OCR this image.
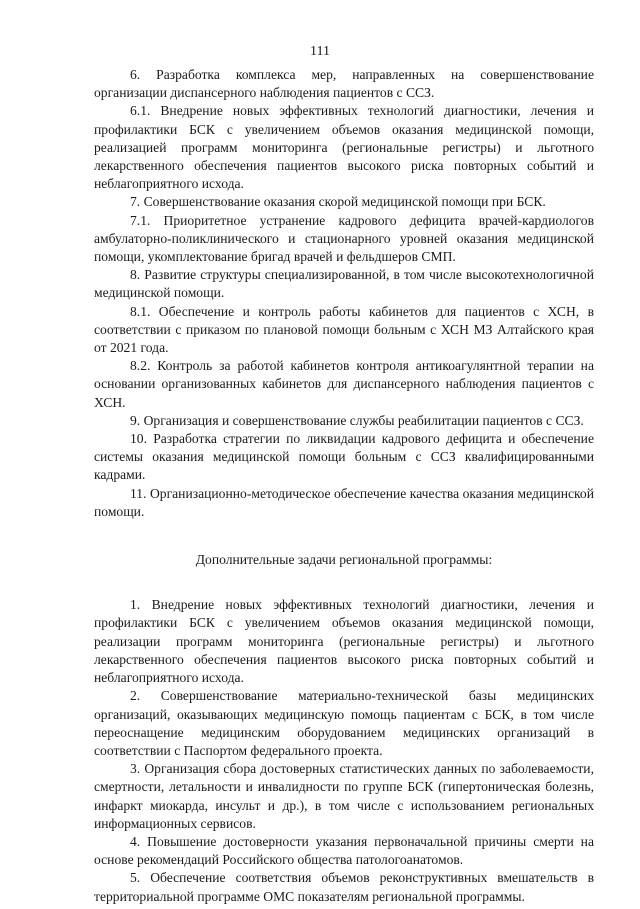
111

6. Разработка комплекса мер, направленных на совершенствование организации диспансерного наблюдения пациентов с ССЗ.

6.1. Внедрение новых эффективных технологий диагностики, лечения и профилактики БСК с увеличением объемов оказания медицинской помощи, реализацией программ мониторинга (региональные регистры) и льготного лекарственного обеспечения пациентов высокого риска повторных событий и неблагоприятного исхода.

7. Совершенствование оказания скорой медицинской помощи при БСК.

7.1. Приоритетное устранение кадрового дефицита врачей-кардиологов амбулаторно-поликлинического и стационарного уровней оказания медицинской помощи, укомплектование бригад врачей и фельдшеров СМП.

8. Развитие структуры специализированной, в том числе высокотехнологичной медицинской помощи.

8.1. Обеспечение и контроль работы кабинетов для пациентов с ХСН, в соответствии с приказом по плановой помощи больным с ХСН МЗ Алтайского края от 2021 года.

8.2. Контроль за работой кабинетов контроля антикоагулянтной терапии на основании организованных кабинетов для диспансерного наблюдения пациентов с ХСН.

9. Организация и совершенствование службы реабилитации пациентов с ССЗ.

10. Разработка стратегии по ликвидации кадрового дефицита и обеспечение системы оказания медицинской помощи больным с ССЗ квалифицированными кадрами.

11. Организационно-методическое обеспечение качества оказания медицинской помощи.

Дополнительные задачи региональной программы:

1. Внедрение новых эффективных технологий диагностики, лечения и профилактики БСК с увеличением объемов оказания медицинской помощи, реализации программ мониторинга (региональные регистры) и льготного лекарственного обеспечения пациентов высокого риска повторных событий и неблагоприятного исхода.

2. Совершенствование материально-технической базы медицинских организаций, оказывающих медицинскую помощь пациентам с БСК, в том числе переоснащение медицинским оборудованием медицинских организаций в соответствии с Паспортом федерального проекта.

3. Организация сбора достоверных статистических данных по заболеваемости, смертности, летальности и инвалидности по группе БСК (гипертоническая болезнь, инфаркт миокарда, инсульт и др.), в том числе с использованием региональных информационных сервисов.

4. Повышение достоверности указания первоначальной причины смерти на основе рекомендаций Российского общества патологоанатомов.

5. Обеспечение соответствия объемов реконструктивных вмешательств в территориальной программе ОМС показателям региональной программы.
